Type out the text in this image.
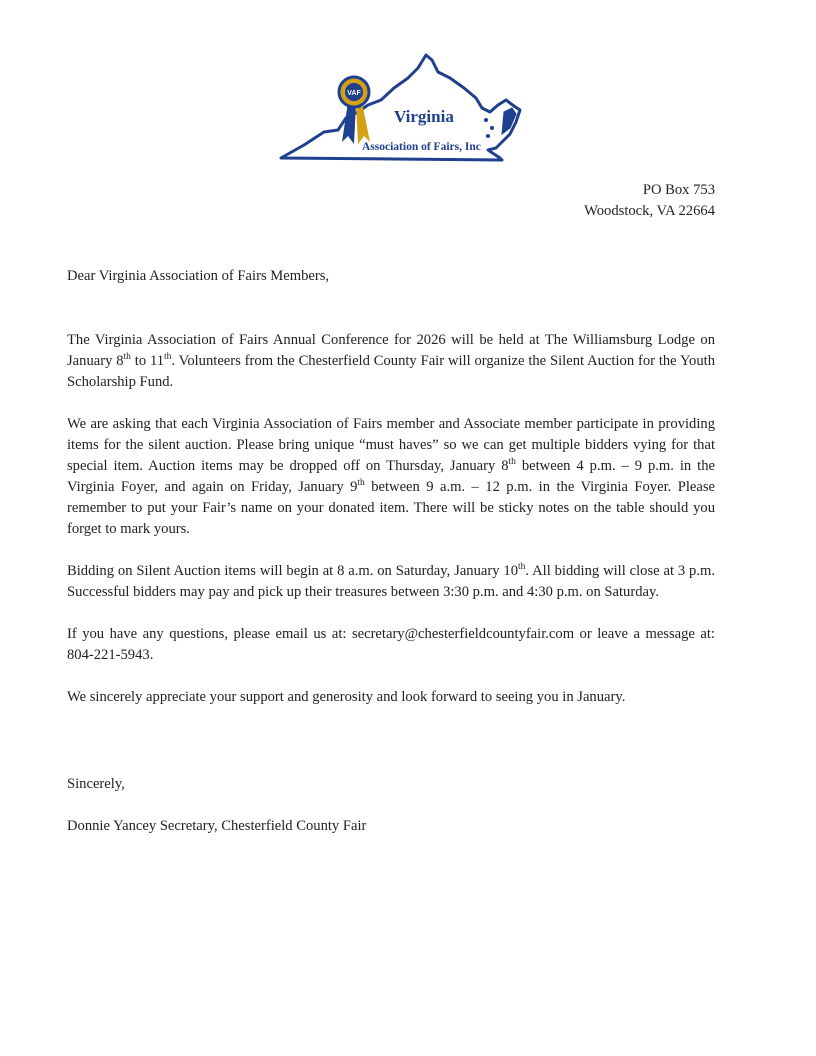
VAF
Virginia
Association of Fairs, Inc
PO Box 753
Woodstock, VA 22664
Dear Virginia Association of Fairs Members,

The Virginia Association of Fairs Annual Conference for 2026 will be held at The Williamsburg Lodge on January 8th to 11th. Volunteers from the Chesterfield County Fair will organize the Silent Auction for the Youth Scholarship Fund.

We are asking that each Virginia Association of Fairs member and Associate member participate in providing items for the silent auction. Please bring unique “must haves” so we can get multiple bidders vying for that special item. Auction items may be dropped off on Thursday, January 8th between 4 p.m. – 9 p.m. in the Virginia Foyer, and again on Friday, January 9th between 9 a.m. – 12 p.m. in the Virginia Foyer. Please remember to put your Fair’s name on your donated item. There will be sticky notes on the table should you forget to mark yours.

Bidding on Silent Auction items will begin at 8 a.m. on Saturday, January 10th. All bidding will close at 3 p.m. Successful bidders may pay and pick up their treasures between 3:30 p.m. and 4:30 p.m. on Saturday.

If you have any questions, please email us at: secretary@chesterfieldcountyfair.com or leave a message at: 804-221-5943.

We sincerely appreciate your support and generosity and look forward to seeing you in January.

Sincerely,
Donnie Yancey Secretary, Chesterfield County Fair
